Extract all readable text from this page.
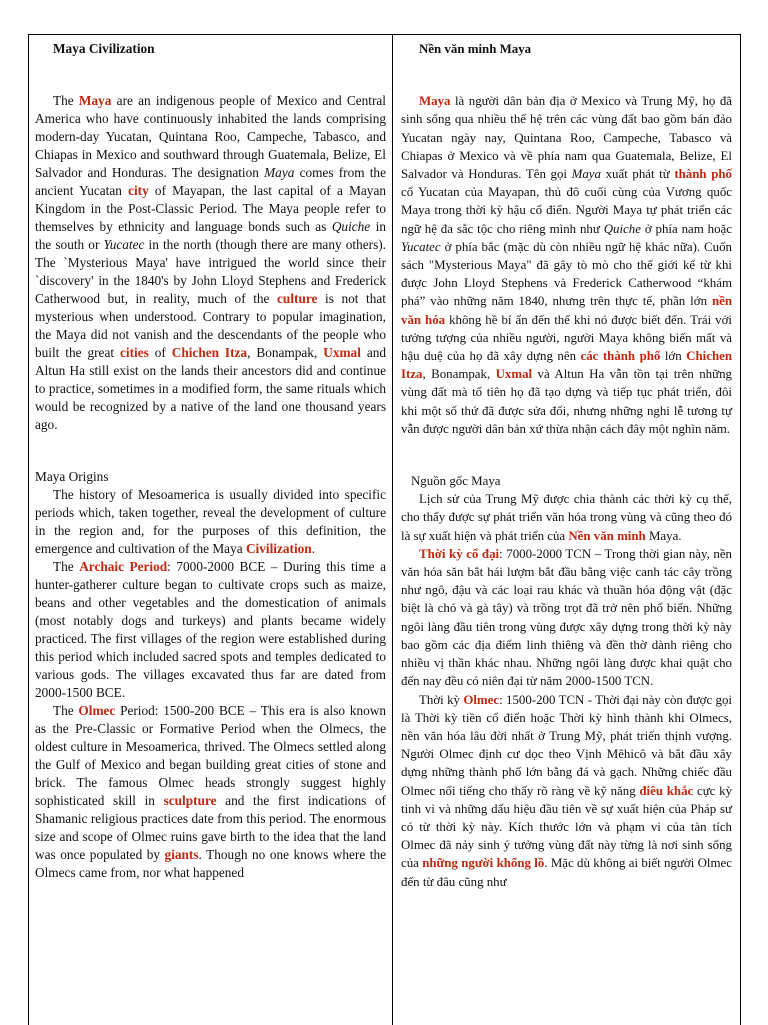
Maya Civilization

The Maya are an indigenous people of Mexico and Central America who have continuously inhabited the lands comprising modern-day Yucatan, Quintana Roo, Campeche, Tabasco, and Chiapas in Mexico and southward through Guatemala, Belize, El Salvador and Honduras. The designation Maya comes from the ancient Yucatan city of Mayapan, the last capital of a Mayan Kingdom in the Post-Classic Period. The Maya people refer to themselves by ethnicity and language bonds such as Quiche in the south or Yucatec in the north (though there are many others). The `Mysterious Maya' have intrigued the world since their `discovery' in the 1840's by John Lloyd Stephens and Frederick Catherwood but, in reality, much of the culture is not that mysterious when understood. Contrary to popular imagination, the Maya did not vanish and the descendants of the people who built the great cities of Chichen Itza, Bonampak, Uxmal and Altun Ha still exist on the lands their ancestors did and continue to practice, sometimes in a modified form, the same rituals which would be recognized by a native of the land one thousand years ago.

Maya Origins

The history of Mesoamerica is usually divided into specific periods which, taken together, reveal the development of culture in the region and, for the purposes of this definition, the emergence and cultivation of the Maya Civilization.

The Archaic Period: 7000-2000 BCE – During this time a hunter-gatherer culture began to cultivate crops such as maize, beans and other vegetables and the domestication of animals (most notably dogs and turkeys) and plants became widely practiced. The first villages of the region were established during this period which included sacred spots and temples dedicated to various gods. The villages excavated thus far are dated from 2000-1500 BCE.

The Olmec Period: 1500-200 BCE – This era is also known as the Pre-Classic or Formative Period when the Olmecs, the oldest culture in Mesoamerica, thrived. The Olmecs settled along the Gulf of Mexico and began building great cities of stone and brick. The famous Olmec heads strongly suggest highly sophisticated skill in sculpture and the first indications of Shamanic religious practices date from this period. The enormous size and scope of Olmec ruins gave birth to the idea that the land was once populated by giants. Though no one knows where the Olmecs came from, nor what happened

Nền văn minh Maya

Maya là người dân bản địa ở Mexico và Trung Mỹ, họ đã sinh sống qua nhiều thế hệ trên các vùng đất bao gồm bán đảo Yucatan ngày nay, Quintana Roo, Campeche, Tabasco và Chiapas ở Mexico và về phía nam qua Guatemala, Belize, El Salvador và Honduras. Tên gọi Maya xuất phát từ thành phố cổ Yucatan của Mayapan, thủ đô cuối cùng của Vương quốc Maya trong thời kỳ hậu cổ điển. Người Maya tự phát triển các ngữ hệ đa sắc tộc cho riêng mình như Quiche ở phía nam hoặc Yucatec ở phía bắc (mặc dù còn nhiều ngữ hệ khác nữa). Cuốn sách "Mysterious Maya" đã gây tò mò cho thế giới kể từ khi được John Lloyd Stephens và Frederick Catherwood “khám phá” vào những năm 1840, nhưng trên thực tế, phần lớn nền văn hóa không hề bí ẩn đến thế khi nó được biết đến. Trái với tưởng tượng của nhiều người, người Maya không biến mất và hậu duệ của họ đã xây dựng nên các thành phố lớn Chichen Itza, Bonampak, Uxmal và Altun Ha vẫn tồn tại trên những vùng đất mà tổ tiên họ đã tạo dựng và tiếp tục phát triển, đôi khi một số thứ đã được sửa đổi, nhưng những nghi lễ tương tự vẫn được người dân bản xứ thừa nhận cách đây một nghìn năm.

Nguồn gốc Maya

Lịch sử của Trung Mỹ được chia thành các thời kỳ cụ thể, cho thấy được sự phát triển văn hóa trong vùng và cũng theo đó là sự xuất hiện và phát triển của Nền văn minh Maya.

Thời kỳ cổ đại: 7000-2000 TCN – Trong thời gian này, nền văn hóa săn bắt hái lượm bắt đầu bằng việc canh tác cây trồng như ngô, đậu và các loại rau khác và thuần hóa động vật (đặc biệt là chó và gà tây) và trồng trọt đã trở nên phổ biến. Những ngôi làng đầu tiên trong vùng được xây dựng trong thời kỳ này bao gồm các địa điểm linh thiêng và đền thờ dành riêng cho nhiều vị thần khác nhau. Những ngôi làng được khai quật cho đến nay đều có niên đại từ năm 2000-1500 TCN.

Thời kỳ Olmec: 1500-200 TCN - Thời đại này còn được gọi là Thời kỳ tiền cổ điển hoặc Thời kỳ hình thành khi Olmecs, nền văn hóa lâu đời nhất ở Trung Mỹ, phát triển thịnh vượng. Người Olmec định cư dọc theo Vịnh Mêhicô và bắt đầu xây dựng những thành phố lớn bằng đá và gạch. Những chiếc đầu Olmec nổi tiếng cho thấy rõ ràng về kỹ năng điêu khắc cực kỳ tinh vi và những dấu hiệu đầu tiên về sự xuất hiện của Pháp sư có từ thời kỳ này. Kích thước lớn và phạm vi của tàn tích Olmec đã nảy sinh ý tưởng vùng đất này từng là nơi sinh sống của những người khổng lồ. Mặc dù không ai biết người Olmec đến từ đâu cũng như
